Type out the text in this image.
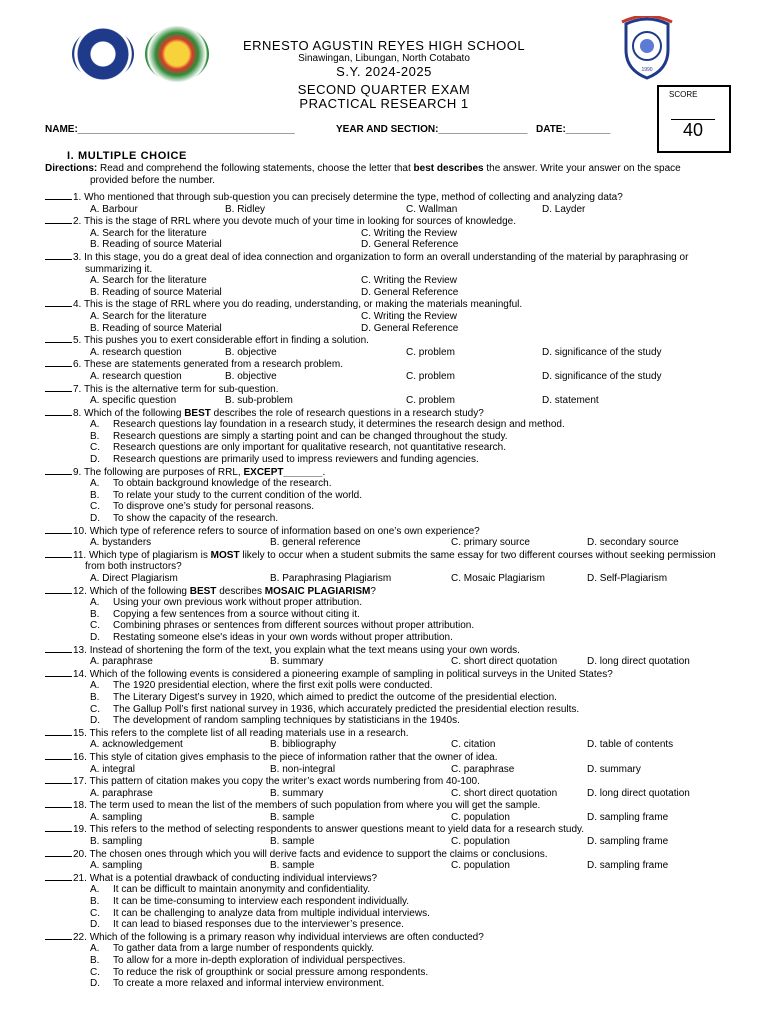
1990
ERNESTO AGUSTIN REYES HIGH SCHOOL
Sinawingan, Libungan, North Cotabato
S.Y. 2024-2025
SECOND QUARTER EXAM
PRACTICAL RESEARCH 1
SCORE
40
NAME:_______________________________________	YEAR AND SECTION:________________ DATE:________
I. MULTIPLE CHOICE
Directions: Read and comprehend the following statements, choose the letter that best describes the answer. Write your answer on the space
provided before the number.
1. Who mentioned that through sub-question you can precisely determine the type, method of collecting and analyzing data?
A. Barbour	B. Ridley	C. Wallman	D. Layder
2. This is the stage of RRL where you devote much of your time in looking for sources of knowledge.
A. Search for the literature	C. Writing the Review
B. Reading of source Material	D. General Reference
3. In this stage, you do a great deal of idea connection and organization to form an overall understanding of the material by paraphrasing or summarizing it.
A. Search for the literature	C. Writing the Review
B. Reading of source Material	D. General Reference
4. This is the stage of RRL where you do reading, understanding, or making the materials meaningful.
A. Search for the literature	C. Writing the Review
B. Reading of source Material	D. General Reference
5. This pushes you to exert considerable effort in finding a solution.
A. research question	B. objective	C. problem	D. significance of the study
6. These are statements generated from a research problem.
A. research question	B. objective	C. problem	D. significance of the study
7. This is the alternative term for sub-question.
A. specific question	B. sub-problem	C. problem	D. statement
8. Which of the following BEST describes the role of research questions in a research study?
A. Research questions lay foundation in a research study, it determines the research design and method.
B. Research questions are simply a starting point and can be changed throughout the study.
C. Research questions are only important for qualitative research, not quantitative research.
D. Research questions are primarily used to impress reviewers and funding agencies.
9. The following are purposes of RRL, EXCEPT_______.
A. To obtain background knowledge of the research.
B. To relate your study to the current condition of the world.
C. To disprove one’s study for personal reasons.
D. To show the capacity of the research.
10. Which type of reference refers to source of information based on one’s own experience?
A. bystanders	B. general reference	C. primary source	D. secondary source
11. Which type of plagiarism is MOST likely to occur when a student submits the same essay for two different courses without seeking permission from both instructors?
A. Direct Plagiarism	B. Paraphrasing Plagiarism	C. Mosaic Plagiarism	D. Self-Plagiarism
12. Which of the following BEST describes MOSAIC PLAGIARISM?
A. Using your own previous work without proper attribution.
B. Copying a few sentences from a source without citing it.
C. Combining phrases or sentences from different sources without proper attribution.
D. Restating someone else's ideas in your own words without proper attribution.
13. Instead of shortening the form of the text, you explain what the text means using your own words.
A. paraphrase	B. summary	C. short direct quotation	D. long direct quotation
14. Which of the following events is considered a pioneering example of sampling in political surveys in the United States?
A. The 1920 presidential election, where the first exit polls were conducted.
B. The Literary Digest’s survey in 1920, which aimed to predict the outcome of the presidential election.
C. The Gallup Poll’s first national survey in 1936, which accurately predicted the presidential election results.
D. The development of random sampling techniques by statisticians in the 1940s.
15. This refers to the complete list of all reading materials use in a research.
A. acknowledgement	B. bibliography	C. citation	D. table of contents
16. This style of citation gives emphasis to the piece of information rather that the owner of idea.
A. integral	B. non-integral	C. paraphrase	D. summary
17. This pattern of citation makes you copy the writer’s exact words numbering from 40-100.
A. paraphrase	B. summary	C. short direct quotation	D. long direct quotation
18. The term used to mean the list of the members of such population from where you will get the sample.
A. sampling	B. sample	C. population	D. sampling frame
19. This refers to the method of selecting respondents to answer questions meant to yield data for a research study.
B. sampling	B. sample	C. population	D. sampling frame
20. The chosen ones through which you will derive facts and evidence to support the claims or conclusions.
A. sampling	B. sample	C. population	D. sampling frame
21. What is a potential drawback of conducting individual interviews?
A. It can be difficult to maintain anonymity and confidentiality.
B. It can be time-consuming to interview each respondent individually.
C. It can be challenging to analyze data from multiple individual interviews.
D. It can lead to biased responses due to the interviewer’s presence.
22. Which of the following is a primary reason why individual interviews are often conducted?
A. To gather data from a large number of respondents quickly.
B. To allow for a more in-depth exploration of individual perspectives.
C. To reduce the risk of groupthink or social pressure among respondents.
D. To create a more relaxed and informal interview environment.
